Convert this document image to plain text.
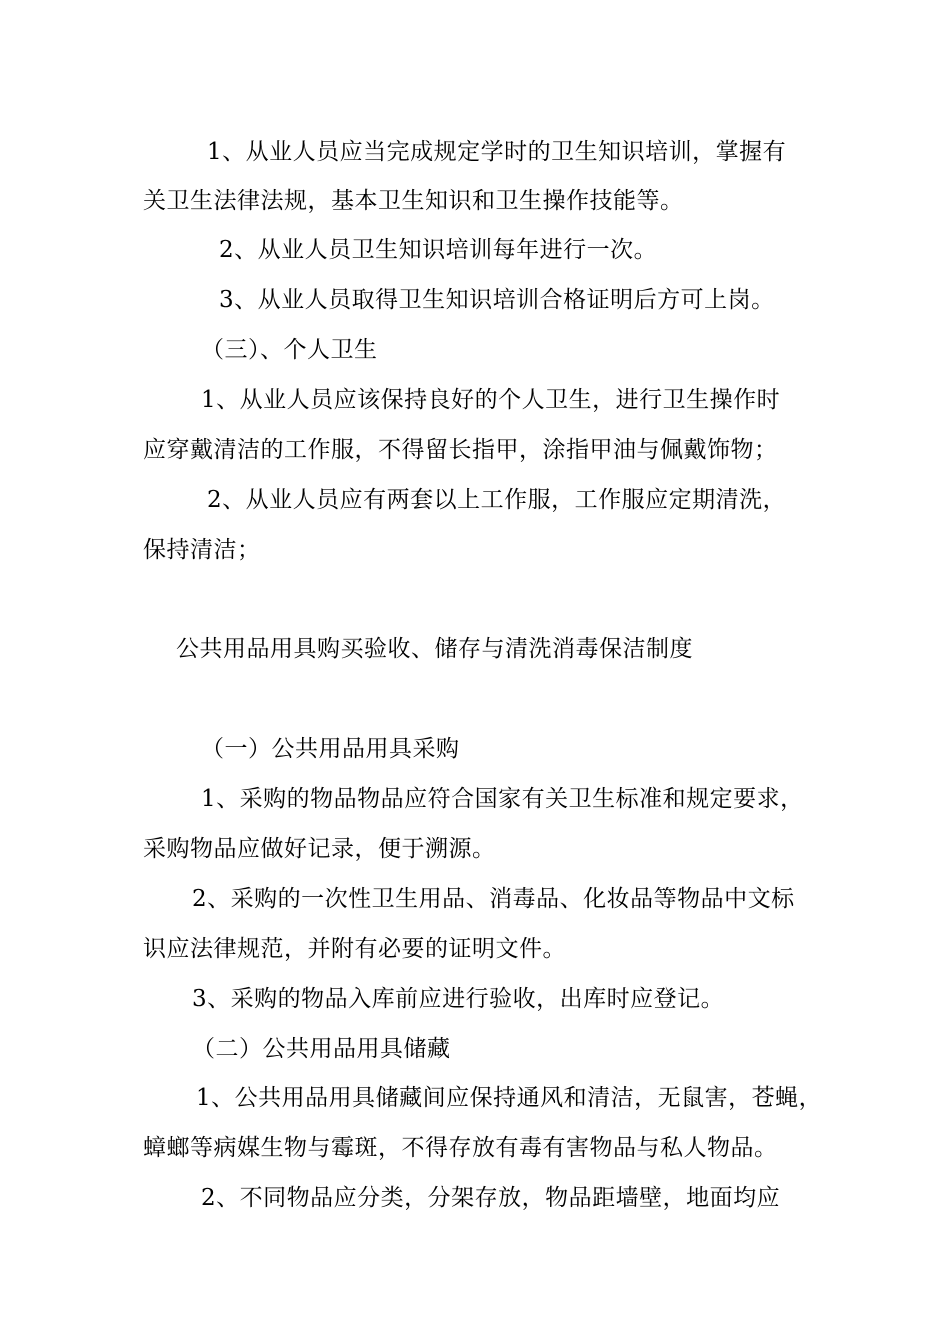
1、从业人员应当完成规定学时的卫生知识培训，掌握有
关卫生法律法规，基本卫生知识和卫生操作技能等。
2、从业人员卫生知识培训每年进行一次。
3、从业人员取得卫生知识培训合格证明后方可上岗。
（三）、个人卫生
1、从业人员应该保持良好的个人卫生，进行卫生操作时
应穿戴清洁的工作服，不得留长指甲，涂指甲油与佩戴饰物；
2、从业人员应有两套以上工作服，工作服应定期清洗，
保持清洁；
公共用品用具购买验收、储存与清洗消毒保洁制度
（一）公共用品用具采购
1、采购的物品物品应符合国家有关卫生标准和规定要求，
采购物品应做好记录，便于溯源。
2、采购的一次性卫生用品、消毒品、化妆品等物品中文标
识应法律规范，并附有必要的证明文件。
3、采购的物品入库前应进行验收，出库时应登记。
（二）公共用品用具储藏
1、公共用品用具储藏间应保持通风和清洁，无鼠害，苍蝇，
蟑螂等病媒生物与霉斑，不得存放有毒有害物品与私人物品。
2、不同物品应分类，分架存放，物品距墙壁，地面均应
